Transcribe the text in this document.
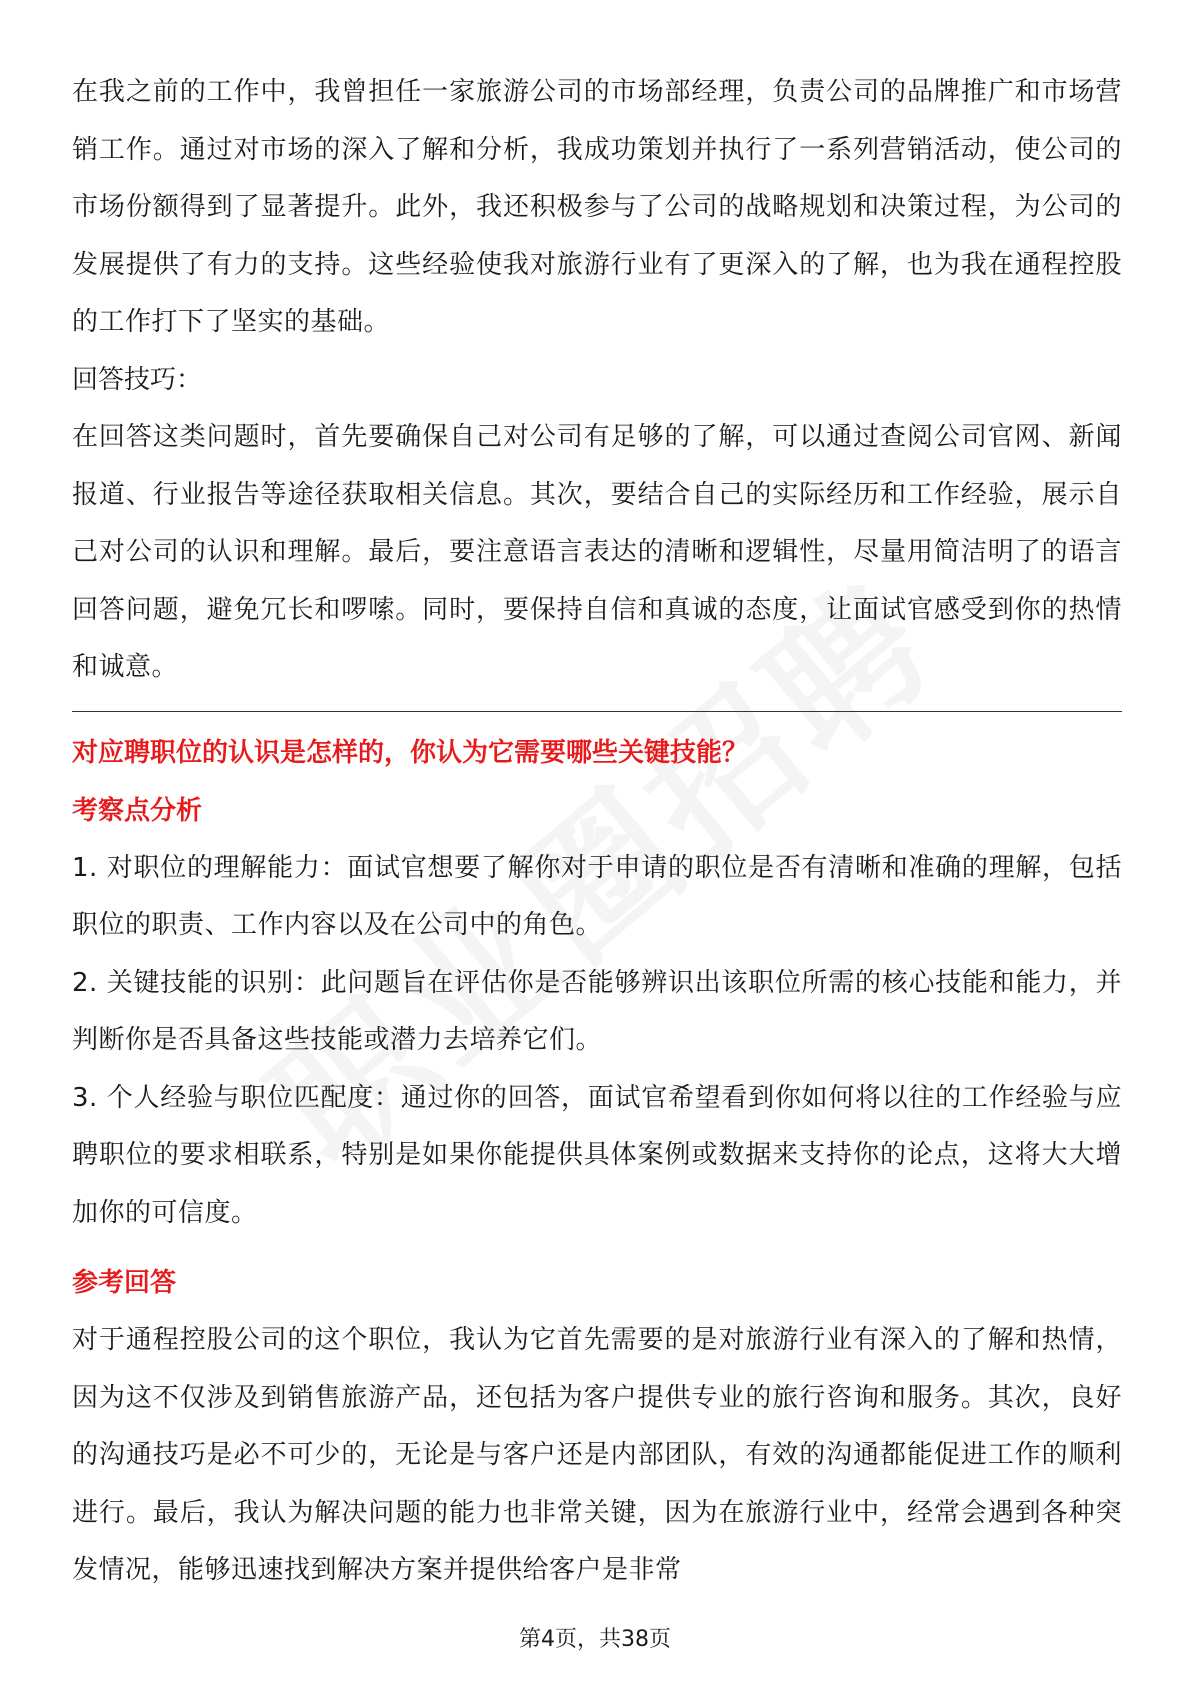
在我之前的工作中，我曾担任一家旅游公司的市场部经理，负责公司的品牌推广和市场营销工作。通过对市场的深入了解和分析，我成功策划并执行了一系列营销活动，使公司的市场份额得到了显著提升。此外，我还积极参与了公司的战略规划和决策过程，为公司的发展提供了有力的支持。这些经验使我对旅游行业有了更深入的了解，也为我在通程控股的工作打下了坚实的基础。

回答技巧：

在回答这类问题时，首先要确保自己对公司有足够的了解，可以通过查阅公司官网、新闻报道、行业报告等途径获取相关信息。其次，要结合自己的实际经历和工作经验，展示自己对公司的认识和理解。最后，要注意语言表达的清晰和逻辑性，尽量用简洁明了的语言回答问题，避免冗长和啰嗦。同时，要保持自信和真诚的态度，让面试官感受到你的热情和诚意。

对应聘职位的认识是怎样的，你认为它需要哪些关键技能？

考察点分析

1. 对职位的理解能力：面试官想要了解你对于申请的职位是否有清晰和准确的理解，包括职位的职责、工作内容以及在公司中的角色。

2. 关键技能的识别：此问题旨在评估你是否能够辨识出该职位所需的核心技能和能力，并判断你是否具备这些技能或潜力去培养它们。

3. 个人经验与职位匹配度：通过你的回答，面试官希望看到你如何将以往的工作经验与应聘职位的要求相联系，特别是如果你能提供具体案例或数据来支持你的论点，这将大大增加你的可信度。

参考回答

对于通程控股公司的这个职位，我认为它首先需要的是对旅游行业有深入的了解和热情，因为这不仅涉及到销售旅游产品，还包括为客户提供专业的旅行咨询和服务。其次，良好的沟通技巧是必不可少的，无论是与客户还是内部团队，有效的沟通都能促进工作的顺利进行。最后，我认为解决问题的能力也非常关键，因为在旅游行业中，经常会遇到各种突发情况，能够迅速找到解决方案并提供给客户是非常

第4页，共38页
